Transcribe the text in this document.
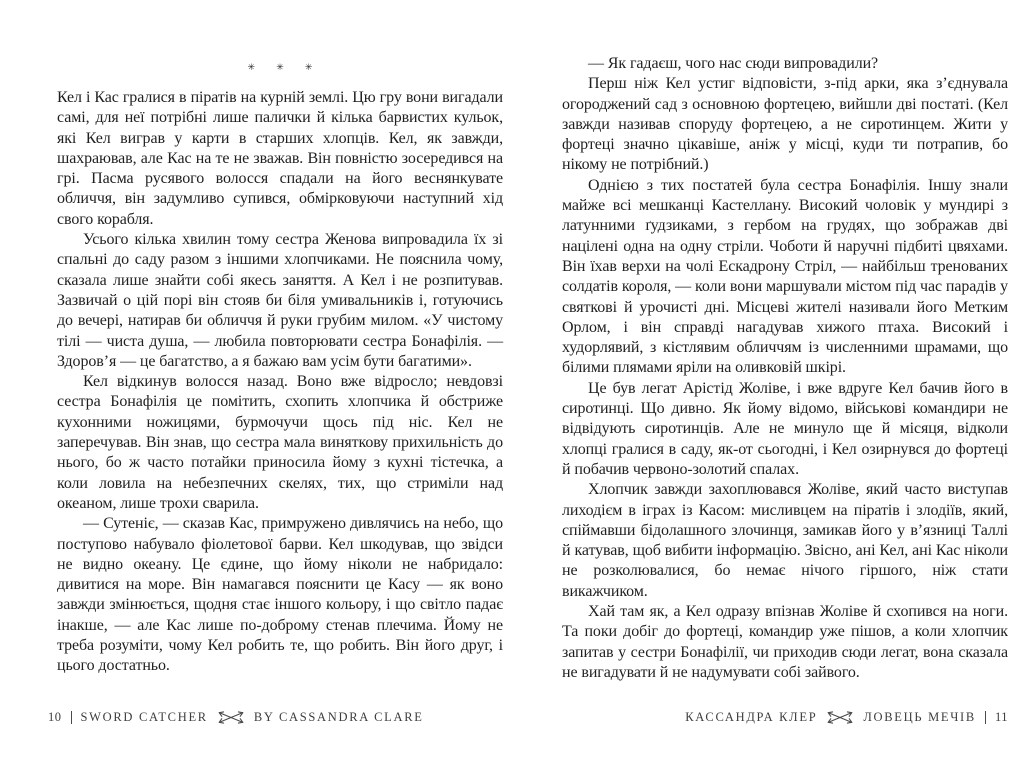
✳ ✳ ✳

Кел і Кас гралися в піратів на курній землі. Цю гру вони вигадали самі, для неї потрібні лише палички й кілька барвистих кульок, які Кел виграв у карти в старших хлопців. Кел, як завжди, шахраював, але Кас на те не зважав. Він повністю зосередився на грі. Пасма русявого волосся спадали на його веснянкувате обличчя, він задумливо супився, обмірковуючи наступний хід свого корабля.

Усього кілька хвилин тому сестра Женова випровадила їх зі спальні до саду разом з іншими хлопчиками. Не пояснила чому, сказала лише знайти собі якесь заняття. А Кел і не розпитував. Зазвичай о цій порі він стояв би біля умивальників і, готуючись до вечері, натирав би обличчя й руки грубим милом. «У чистому тілі — чиста душа, — любила повторювати сестра Бонафілія. — Здоров’я — це багатство, а я бажаю вам усім бути багатими».

Кел відкинув волосся назад. Воно вже відросло; невдовзі сестра Бонафілія це помітить, схопить хлопчика й обстриже кухонними ножицями, бурмочучи щось під ніс. Кел не заперечував. Він знав, що сестра мала виняткову прихильність до нього, бо ж часто потайки приносила йому з кухні тістечка, а коли ловила на небезпечних скелях, тих, що стриміли над океаном, лише трохи сварила.

— Сутеніє, — сказав Кас, примружено дивлячись на небо, що поступово набувало фіолетової барви. Кел шкодував, що звідси не видно океану. Це єдине, що йому ніколи не набридало: дивитися на море. Він намагався пояснити це Касу — як воно завжди змінюється, щодня стає іншого кольору, і що світло падає інакше, — але Кас лише по-доброму стенав плечима. Йому не треба розуміти, чому Кел робить те, що робить. Він його друг, і цього достатньо.

— Як гадаєш, чого нас сюди випровадили?

Перш ніж Кел устиг відповісти, з-під арки, яка з’єднувала огороджений сад з основною фортецею, вийшли дві постаті. (Кел завжди називав споруду фортецею, а не сиротинцем. Жити у фортеці значно цікавіше, аніж у місці, куди ти потрапив, бо нікому не потрібний.)

Однією з тих постатей була сестра Бонафілія. Іншу знали майже всі мешканці Кастеллану. Високий чоловік у мундирі з латунними ґудзиками, з гербом на грудях, що зображав дві націлені одна на одну стріли. Чоботи й наручні підбиті цвяхами. Він їхав верхи на чолі Ескадрону Стріл, — найбільш тренованих солдатів короля, — коли вони маршували містом під час парадів у святкові й урочисті дні. Місцеві жителі називали його Метким Орлом, і він справді нагадував хижого птаха. Високий і худорлявий, з кістлявим обличчям із численними шрамами, що білими плямами яріли на оливковій шкірі.

Це був легат Арістід Жоліве, і вже вдруге Кел бачив його в сиротинці. Що дивно. Як йому відомо, військові командири не відвідують сиротинців. Але не минуло ще й місяця, відколи хлопці гралися в саду, як-от сьогодні, і Кел озирнувся до фортеці й побачив червоно-золотий спалах.

Хлопчик завжди захоплювався Жоліве, який часто виступав лиходієм в іграх із Касом: мисливцем на піратів і злодіїв, який, спіймавши бідолашного злочинця, замикав його у в’язниці Таллі й катував, щоб вибити інформацію. Звісно, ані Кел, ані Кас ніколи не розколювалися, бо немає нічого гіршого, ніж стати викажчиком.

Хай там як, а Кел одразу впізнав Жоліве й схопився на ноги. Та поки добіг до фортеці, командир уже пішов, а коли хлопчик запитав у сестри Бонафілії, чи приходив сюди легат, вона сказала не вигадувати й не надумувати собі зайвого.

10 SWORD CATCHER	BY CASSANDRA CLARE	КАССАНДРА КЛЕР	ЛОВЕЦЬ МЕЧІВ 11
